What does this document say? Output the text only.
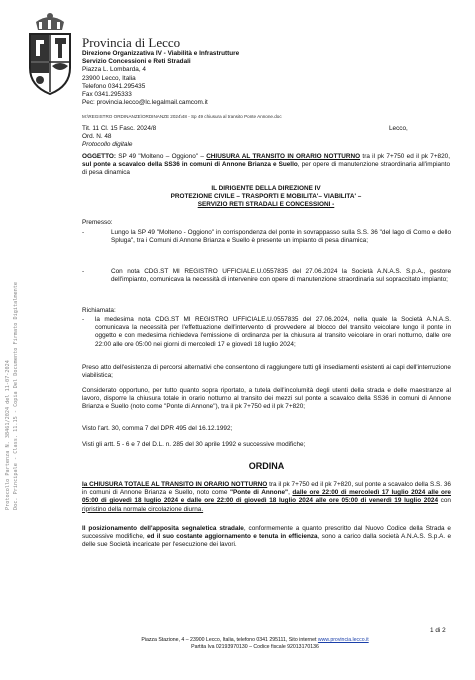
Protocollo Partenza N. 38461/2024 del 11-07-2024 Doc. Principale - Class. 11.15 - Copia Del Documento Firmato Digitalmente
Provincia di Lecco
Direzione Organizzativa IV - Viabilità e Infrastrutture
Servizio Concessioni e Reti Stradali
Piazza L. Lombarda, 4
23900 Lecco, Italia
Telefono 0341.295435
Fax 0341.295333
Pec: provincia.lecco@lc.legalmail.camcom.it
M:\REGISTRO ORDINANZE\ORDINANZE 2024\48 - Sp 49 chiusura al transito Ponte Annone.doc
Tit. 11 Cl. 15 Fasc. 2024/8
Ord. N. 48
Protocollo digitale
Lecco,
OGGETTO: SP 49 "Molteno – Oggiono" – CHIUSURA AL TRANSITO IN ORARIO NOTTURNO tra il pk 7+750 ed il pk 7+820, sul ponte a scavalco della SS36 in comuni di Annone Brianza e Suello, per opere di manutenzione straordinaria all'impianto di pesa dinamica
IL DIRIGENTE DELLA DIREZIONE IV
PROTEZIONE CIVILE – TRASPORTI E MOBILITA'– VIABILITA' –
SERVIZIO RETI STRADALI E CONCESSIONI -
Premesso:
-	Lungo la SP 49 "Molteno - Oggiono" in corrispondenza del ponte in sovrappasso sulla S.S. 36 "del lago di Como e dello Spluga", tra i Comuni di Annone Brianza e Suello è presente un impianto di pesa dinamica;
-	Con nota CDG.ST MI REGISTRO UFFICIALE.U.0557835 del 27.06.2024 la Società A.N.A.S. S.p.A., gestore dell'impianto, comunicava la necessità di intervenire con opere di manutenzione straordinaria sul sopraccitato impianto;
Richiamata:
- la medesima nota CDG.ST MI REGISTRO UFFICIALE.U.0557835 del 27.06.2024, nella quale la Società A.N.A.S. comunicava la necessità per l'effettuazione dell'intervento di provvedere al blocco del transito veicolare lungo il ponte in oggetto e con medesima richiedeva l'emissione di ordinanza per la chiusura al transito veicolare in orari notturno, dalle ore 22:00 alle ore 05:00 nei giorni di mercoledì 17 e giovedì 18 luglio 2024;
Preso atto dell'esistenza di percorsi alternativi che consentono di raggiungere tutti gli insediamenti esistenti ai capi dell'interruzione viabilistica;
Considerato opportuno, per tutto quanto sopra riportato, a tutela dell'incolumità degli utenti della strada e delle maestranze al lavoro, disporre la chiusura totale in orario notturno al transito dei mezzi sul ponte a scavalco della SS36 in comuni di Annone Brianza e Suello (noto come "Ponte di Annone"), tra il pk 7+750 ed il pk 7+820;
Visto l'art. 30, comma 7 del DPR 495 del 16.12.1992;
Visti gli artt. 5 - 6 e 7 del D.L. n. 285 del 30 aprile 1992 e successive modifiche;
ORDINA
la CHIUSURA TOTALE AL TRANSITO IN ORARIO NOTTURNO tra il pk 7+750 ed il pk 7+820, sul ponte a scavalco della S.S. 36 in comuni di Annone Brianza e Suello, noto come "Ponte di Annone", dalle ore 22:00 di mercoledì 17 luglio 2024 alle ore 05:00 di giovedì 18 luglio 2024 e dalle ore 22:00 di giovedì 18 luglio 2024 alle ore 05:00 di venerdì 19 luglio 2024 con ripristino della normale circolazione diurna.
Il posizionamento dell'apposita segnaletica stradale, conformemente a quanto prescritto dal Nuovo Codice della Strada e successive modifiche, ed il suo costante aggiornamento e tenuta in efficienza, sono a carico dalla società A.N.A.S. S.p.A. e delle sue Società incaricate per l'esecuzione dei lavori.
1 di 2
Piazza Stazione, 4 – 23900 Lecco, Italia, telefono 0341 295111, Sito internet www.provincia.lecco.it
Partita Iva 02193970130 – Codice fiscale 92013170136
